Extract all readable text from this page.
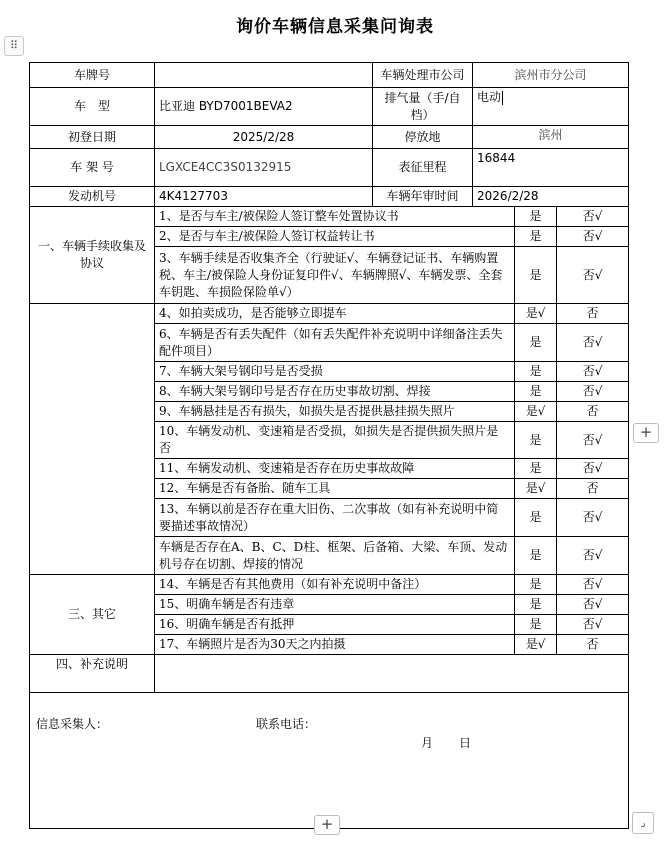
询价车辆信息采集问询表
⠿
车牌号		车辆处理市公司	滨州市分公司		
车　型	比亚迪 BYD7001BEVA2	排气量（手/自档）	电动		
初登日期	2025/2/28	停放地	滨州		
车 架 号	LGXCE4CC3S0132915	表征里程	16844		
发动机号	4K4127703	车辆年审时间	2026/2/28		
一、车辆手续收集及协议	1、是否与车主/被保险人签订整车处置协议书			是	否√
	2、是否与车主/被保险人签订权益转让书			是	否√
	3、车辆手续是否收集齐全（行驶证√、车辆登记证书、车辆购置税、车主/被保险人身份证复印件√、车辆牌照√、车辆发票、全套车钥匙、车损险保险单√）			是	否√
	4、如拍卖成功，是否能够立即提车			是√	否
	6、车辆是否有丢失配件（如有丢失配件补充说明中详细备注丢失配件项目）			是	否√
	7、车辆大架号钢印号是否受损			是	否√
	8、车辆大架号钢印号是否存在历史事故切割、焊接			是	否√
	9、车辆悬挂是否有损失，如损失是否提供悬挂损失照片			是√	否
	10、车辆发动机、变速箱是否受损，如损失是否提供损失照片是否			是	否√
	11、车辆发动机、变速箱是否存在历史事故故障			是	否√
	12、车辆是否有备胎、随车工具			是√	否
	13、车辆以前是否存在重大旧伤、二次事故（如有补充说明中简要描述事故情况）			是	否√
	车辆是否存在A、B、C、D柱、框架、后备箱、大梁、车顶、发动机号存在切割、焊接的情况			是	否√
三、其它	14、车辆是否有其他费用（如有补充说明中备注）			是	否√
	15、明确车辆是否有违章			是	否√
	16、明确车辆是否有抵押			是	否√
	17、车辆照片是否为30天之内拍摄			是√	否
四、补充说明					

信息采集人：	联系电话：
月 日
+
+	⌟
